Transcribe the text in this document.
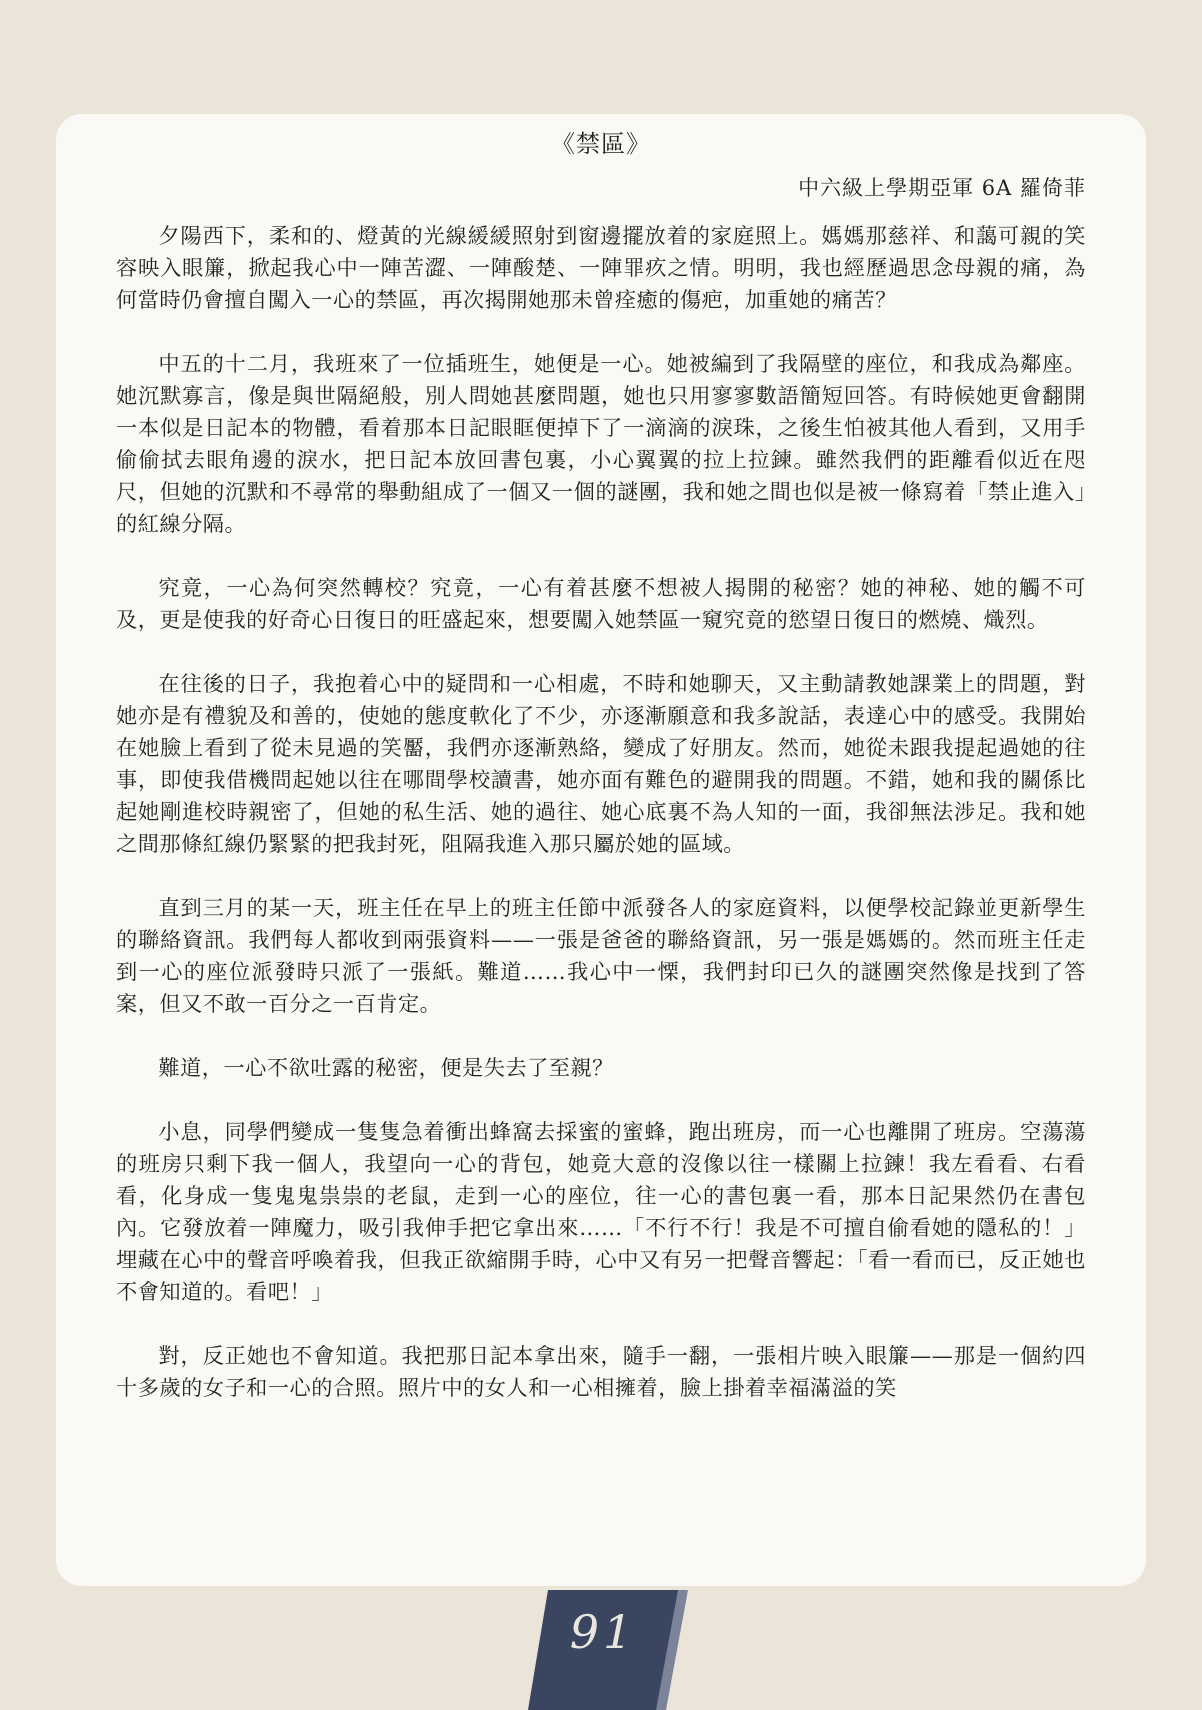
《禁區》
中六級上學期亞軍 6A 羅倚菲

夕陽西下，柔和的、燈黃的光線緩緩照射到窗邊擺放着的家庭照上。媽媽那慈祥、和藹可親的笑容映入眼簾，掀起我心中一陣苦澀、一陣酸楚、一陣罪疚之情。明明，我也經歷過思念母親的痛，為何當時仍會擅自闖入一心的禁區，再次揭開她那未曾痊癒的傷疤，加重她的痛苦？

中五的十二月，我班來了一位插班生，她便是一心。她被編到了我隔壁的座位，和我成為鄰座。她沉默寡言，像是與世隔絕般，別人問她甚麼問題，她也只用寥寥數語簡短回答。有時候她更會翻開一本似是日記本的物體，看着那本日記眼眶便掉下了一滴滴的淚珠，之後生怕被其他人看到，又用手偷偷拭去眼角邊的淚水，把日記本放回書包裏，小心翼翼的拉上拉鍊。雖然我們的距離看似近在咫尺，但她的沉默和不尋常的舉動組成了一個又一個的謎團，我和她之間也似是被一條寫着「禁止進入」的紅線分隔。

究竟，一心為何突然轉校？究竟，一心有着甚麼不想被人揭開的秘密？她的神秘、她的觸不可及，更是使我的好奇心日復日的旺盛起來，想要闖入她禁區一窺究竟的慾望日復日的燃燒、熾烈。

在往後的日子，我抱着心中的疑問和一心相處，不時和她聊天，又主動請教她課業上的問題，對她亦是有禮貌及和善的，使她的態度軟化了不少，亦逐漸願意和我多說話，表達心中的感受。我開始在她臉上看到了從未見過的笑靨，我們亦逐漸熟絡，變成了好朋友。然而，她從未跟我提起過她的往事，即使我借機問起她以往在哪間學校讀書，她亦面有難色的避開我的問題。不錯，她和我的關係比起她剛進校時親密了，但她的私生活、她的過往、她心底裏不為人知的一面，我卻無法涉足。我和她之間那條紅線仍緊緊的把我封死，阻隔我進入那只屬於她的區域。

直到三月的某一天，班主任在早上的班主任節中派發各人的家庭資料，以便學校記錄並更新學生的聯絡資訊。我們每人都收到兩張資料——一張是爸爸的聯絡資訊，另一張是媽媽的。然而班主任走到一心的座位派發時只派了一張紙。難道……我心中一慄，我們封印已久的謎團突然像是找到了答案，但又不敢一百分之一百肯定。

難道，一心不欲吐露的秘密，便是失去了至親？

小息，同學們變成一隻隻急着衝出蜂窩去採蜜的蜜蜂，跑出班房，而一心也離開了班房。空蕩蕩的班房只剩下我一個人，我望向一心的背包，她竟大意的沒像以往一樣關上拉鍊！我左看看、右看看，化身成一隻鬼鬼祟祟的老鼠，走到一心的座位，往一心的書包裏一看，那本日記果然仍在書包內。它發放着一陣魔力，吸引我伸手把它拿出來……「不行不行！我是不可擅自偷看她的隱私的！」埋藏在心中的聲音呼喚着我，但我正欲縮開手時，心中又有另一把聲音響起：「看一看而已，反正她也不會知道的。看吧！」

對，反正她也不會知道。我把那日記本拿出來，隨手一翻，一張相片映入眼簾——那是一個約四十多歲的女子和一心的合照。照片中的女人和一心相擁着，臉上掛着幸福滿溢的笑

91
